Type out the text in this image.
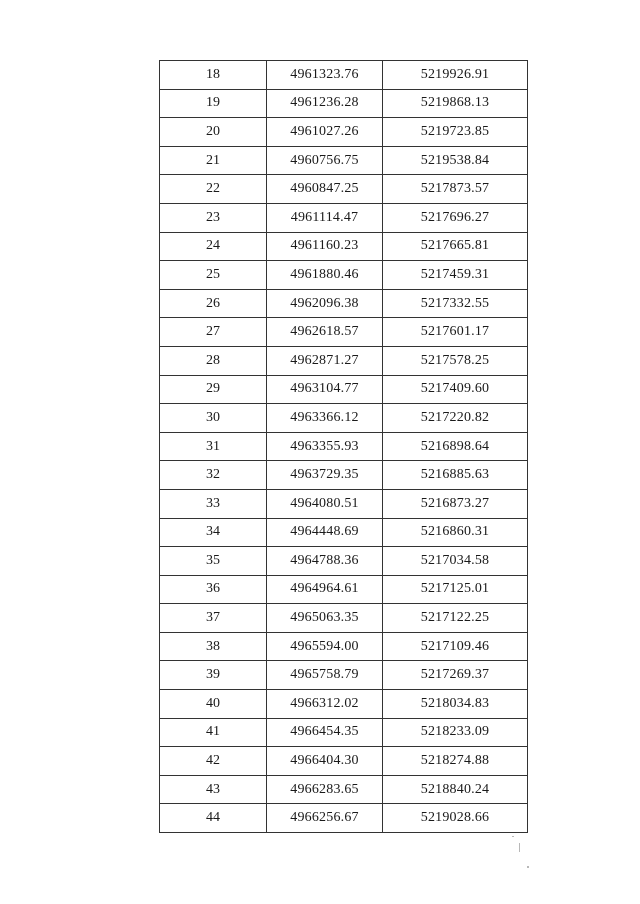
18	4961323.76	5219926.91
19	4961236.28	5219868.13
20	4961027.26	5219723.85
21	4960756.75	5219538.84
22	4960847.25	5217873.57
23	4961114.47	5217696.27
24	4961160.23	5217665.81
25	4961880.46	5217459.31
26	4962096.38	5217332.55
27	4962618.57	5217601.17
28	4962871.27	5217578.25
29	4963104.77	5217409.60
30	4963366.12	5217220.82
31	4963355.93	5216898.64
32	4963729.35	5216885.63
33	4964080.51	5216873.27
34	4964448.69	5216860.31
35	4964788.36	5217034.58
36	4964964.61	5217125.01
37	4965063.35	5217122.25
38	4965594.00	5217109.46
39	4965758.79	5217269.37
40	4966312.02	5218034.83
41	4966454.35	5218233.09
42	4966404.30	5218274.88
43	4966283.65	5218840.24
44	4966256.67	5219028.66
